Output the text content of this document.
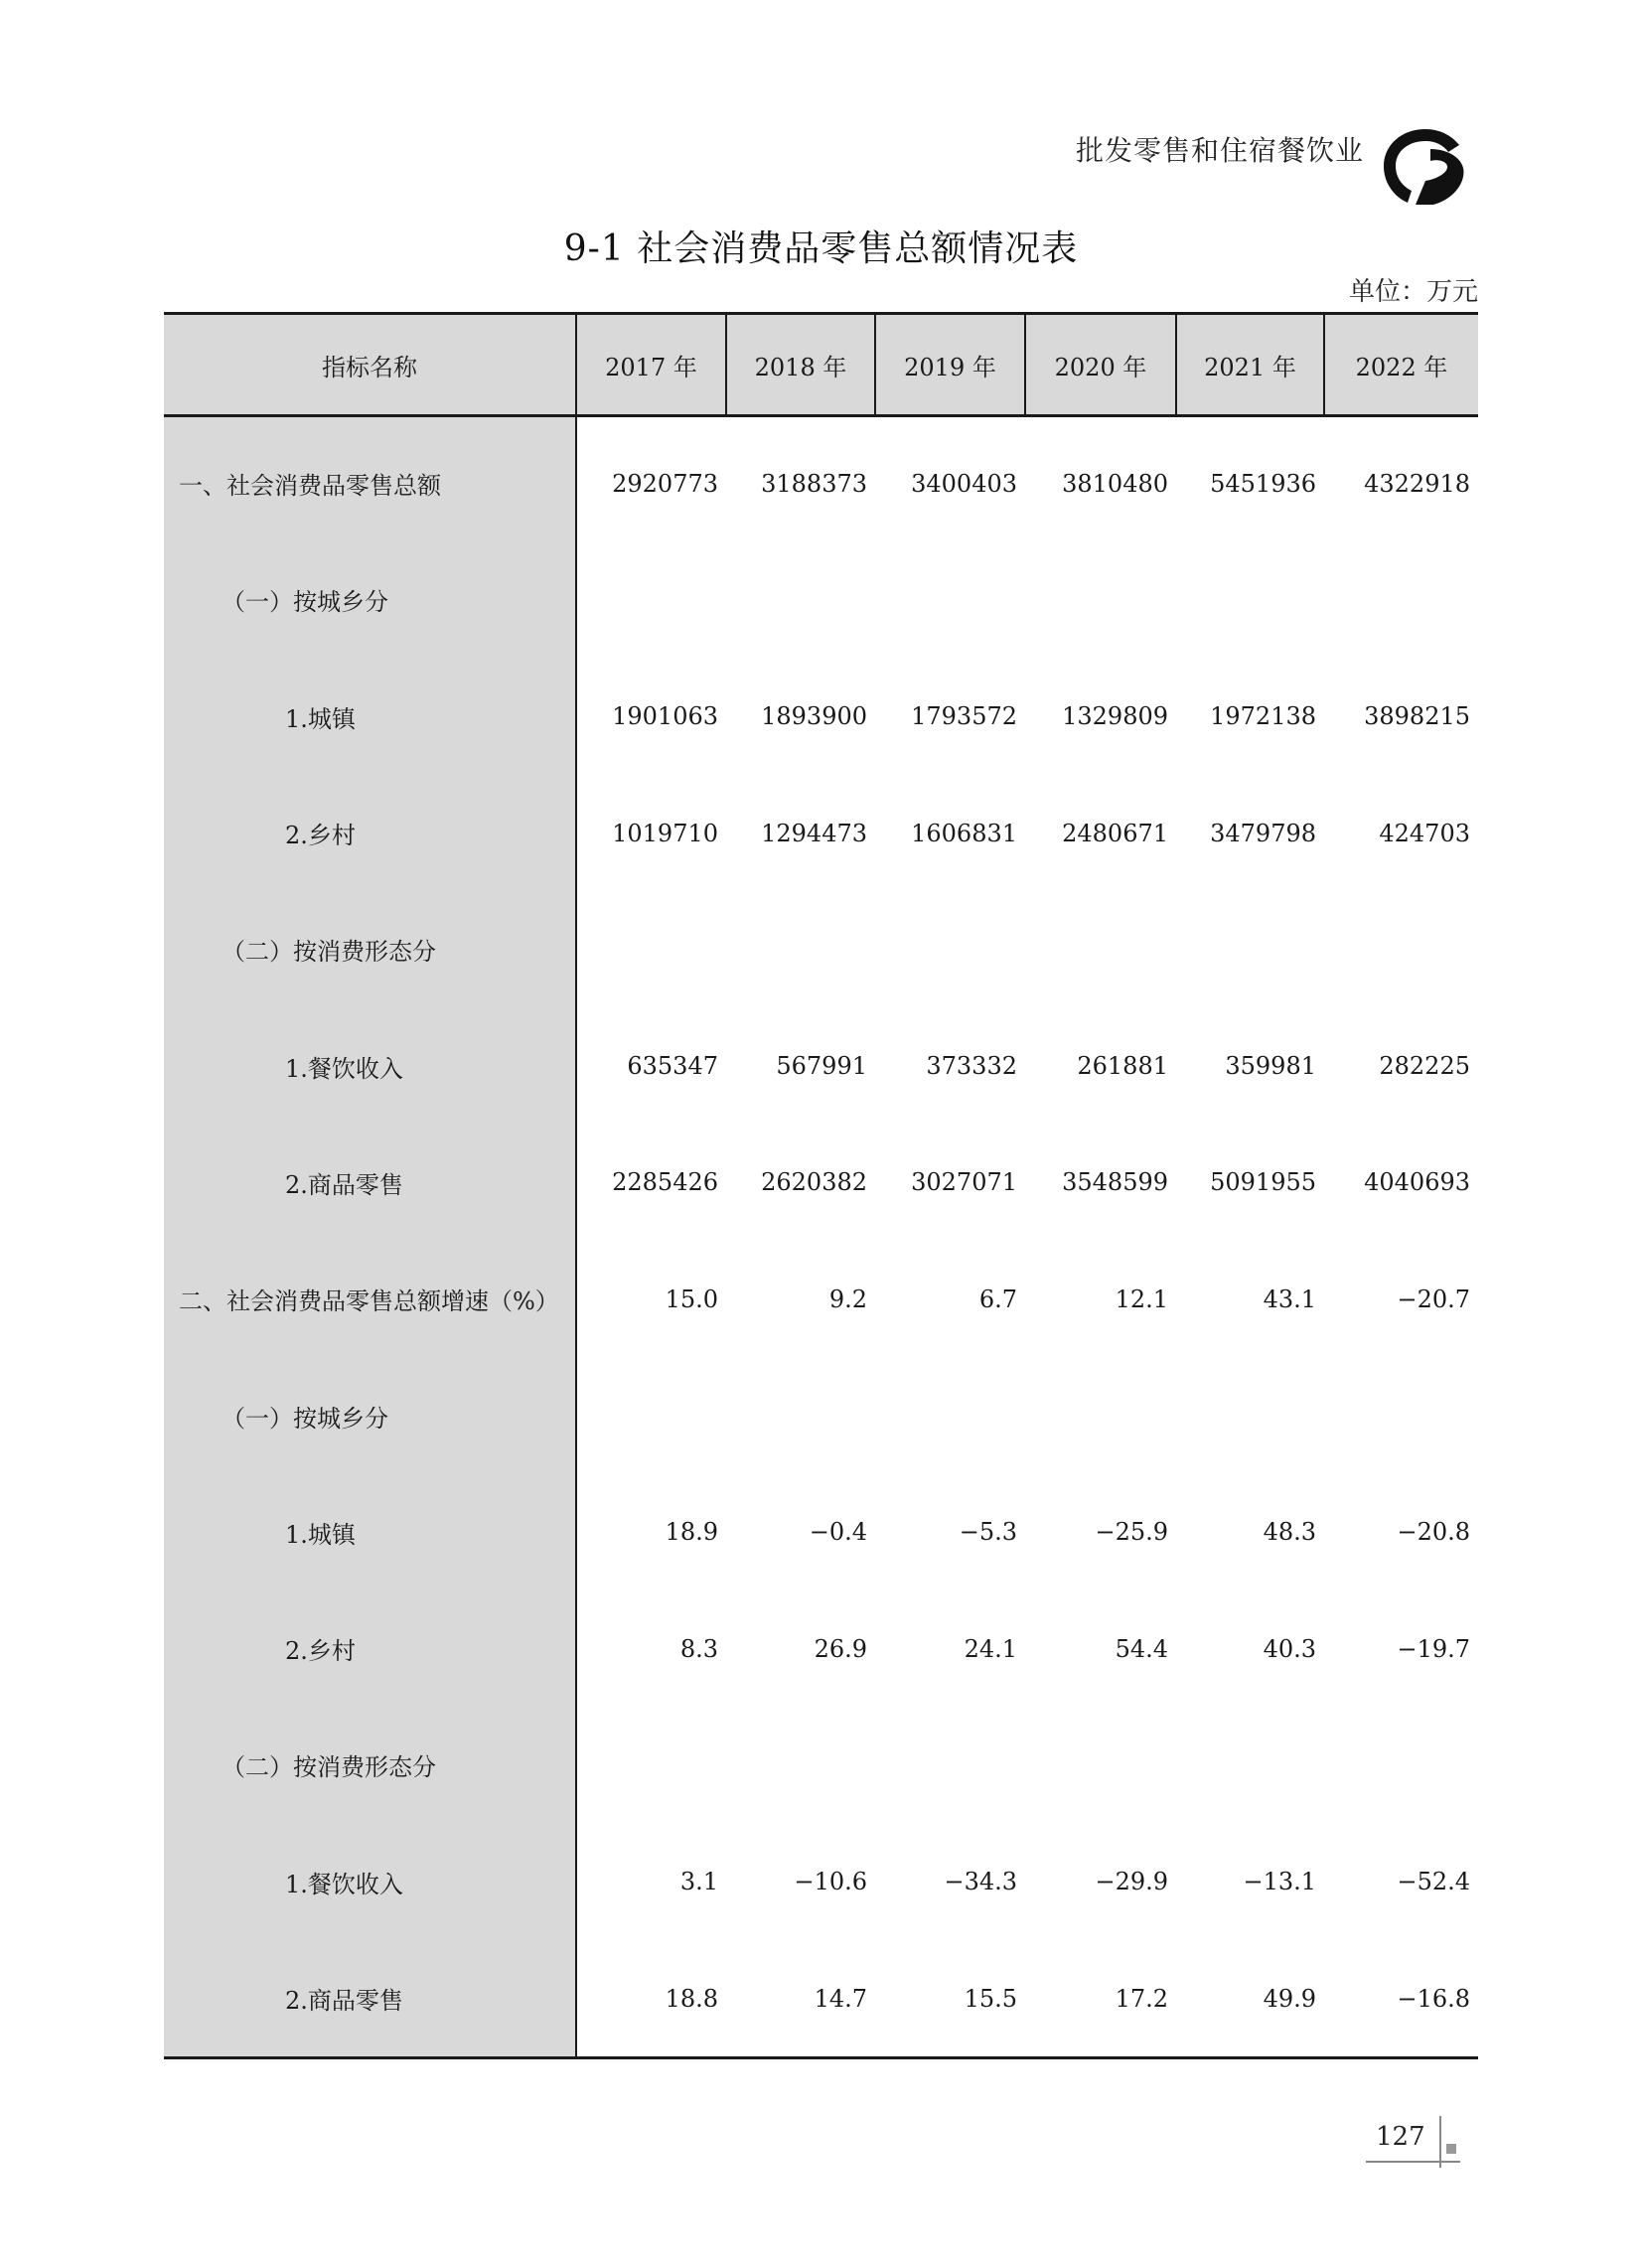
批发零售和住宿餐饮业
9-1 社会消费品零售总额情况表
单位：万元
指标名称	2017 年	2018 年	2019 年	2020 年	2021 年	2022 年
一、社会消费品零售总额	2920773	3188373	3400403	3810480	5451936	4322918
（一）按城乡分						
1.城镇	1901063	1893900	1793572	1329809	1972138	3898215
2.乡村	1019710	1294473	1606831	2480671	3479798	424703
（二）按消费形态分						
1.餐饮收入	635347	567991	373332	261881	359981	282225
2.商品零售	2285426	2620382	3027071	3548599	5091955	4040693
二、社会消费品零售总额增速（%）	15.0	9.2	6.7	12.1	43.1	−20.7
（一）按城乡分						
1.城镇	18.9	−0.4	−5.3	−25.9	48.3	−20.8
2.乡村	8.3	26.9	24.1	54.4	40.3	−19.7
（二）按消费形态分						
1.餐饮收入	3.1	−10.6	−34.3	−29.9	−13.1	−52.4
2.商品零售	18.8	14.7	15.5	17.2	49.9	−16.8
127
